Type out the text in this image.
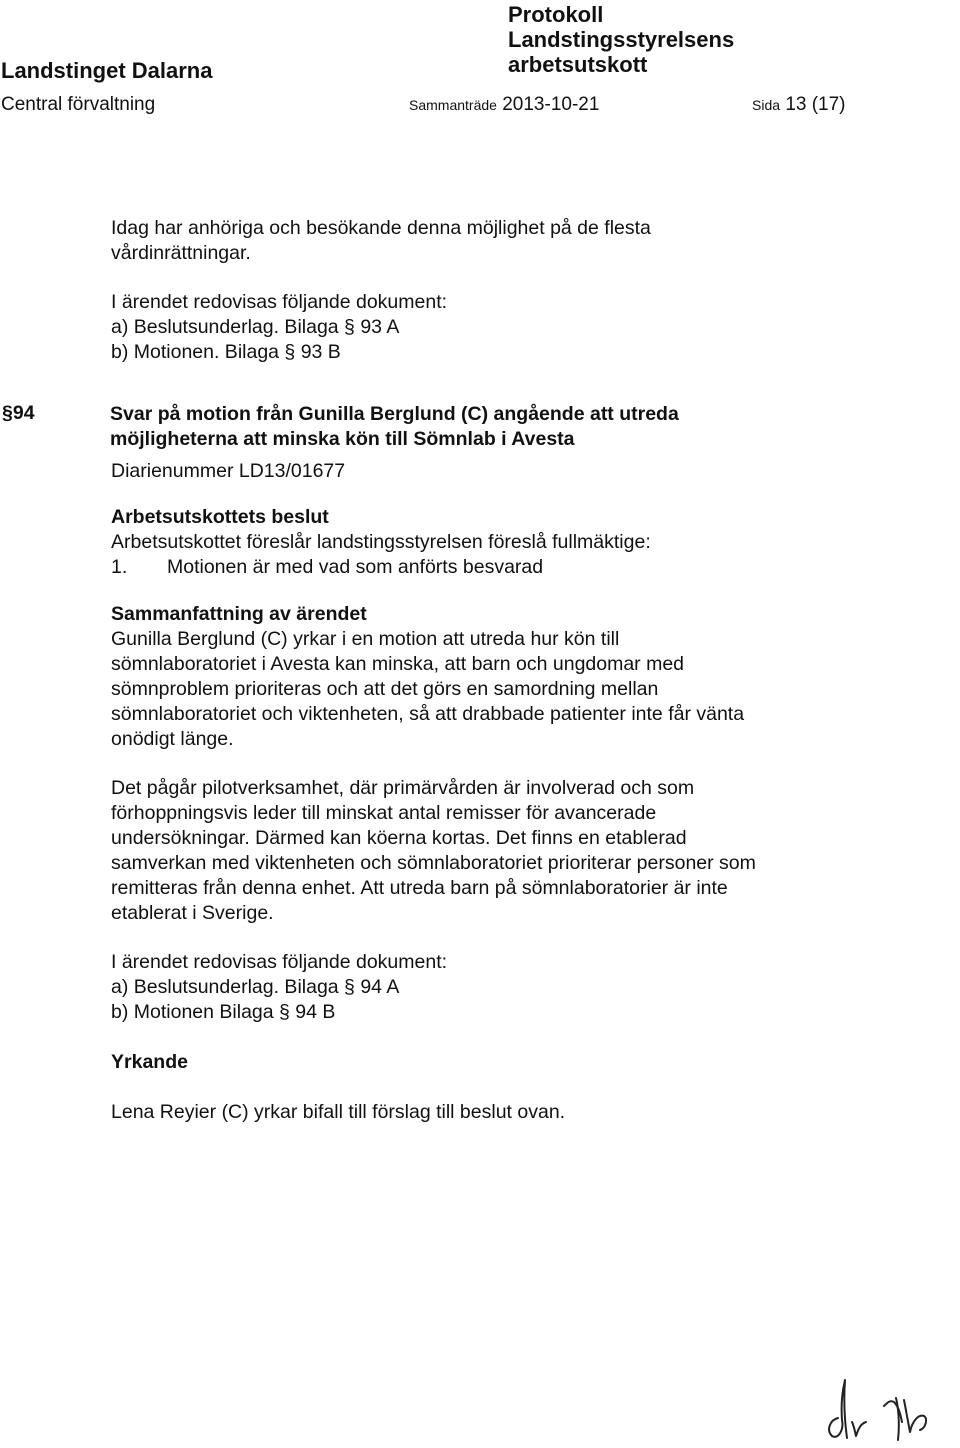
Landstinget Dalarna
Protokoll
Landstingsstyrelsens
arbetsutskott
Central förvaltning	Sammanträde 2013-10-21	Sida 13 (17)
Idag har anhöriga och besökande denna möjlighet på de flesta
vårdinrättningar.
I ärendet redovisas följande dokument:
a) Beslutsunderlag. Bilaga § 93 A
b) Motionen. Bilaga § 93 B
§94	Svar på motion från Gunilla Berglund (C) angående att utreda
möjligheterna att minska kön till Sömnlab i Avesta
Diarienummer LD13/01677
Arbetsutskottets beslut
Arbetsutskottet föreslår landstingsstyrelsen föreslå fullmäktige:
1. Motionen är med vad som anförts besvarad
Sammanfattning av ärendet
Gunilla Berglund (C) yrkar i en motion att utreda hur kön till
sömnlaboratoriet i Avesta kan minska, att barn och ungdomar med
sömnproblem prioriteras och att det görs en samordning mellan
sömnlaboratoriet och viktenheten, så att drabbade patienter inte får vänta
onödigt länge.
Det pågår pilotverksamhet, där primärvården är involverad och som
förhoppningsvis leder till minskat antal remisser för avancerade
undersökningar. Därmed kan köerna kortas. Det finns en etablerad
samverkan med viktenheten och sömnlaboratoriet prioriterar personer som
remitteras från denna enhet. Att utreda barn på sömnlaboratorier är inte
etablerat i Sverige.
I ärendet redovisas följande dokument:
a) Beslutsunderlag. Bilaga § 94 A
b) Motionen Bilaga § 94 B
Yrkande
Lena Reyier (C) yrkar bifall till förslag till beslut ovan.
